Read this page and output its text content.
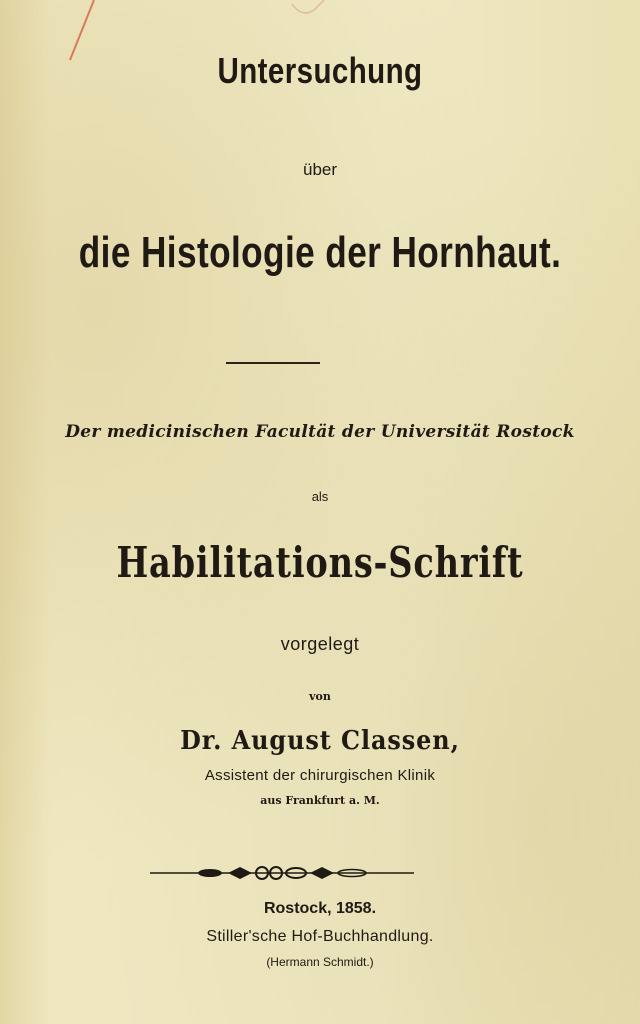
Untersuchung
über
die Histologie der Hornhaut.
Der medicinischen Facultät der Universität Rostock
als
Habilitations-Schrift
vorgelegt
von
Dr. August Classen,
Assistent der chirurgischen Klinik
aus Frankfurt a. M.
Rostock, 1858.
Stiller'sche Hof-Buchhandlung.
(Hermann Schmidt.)
